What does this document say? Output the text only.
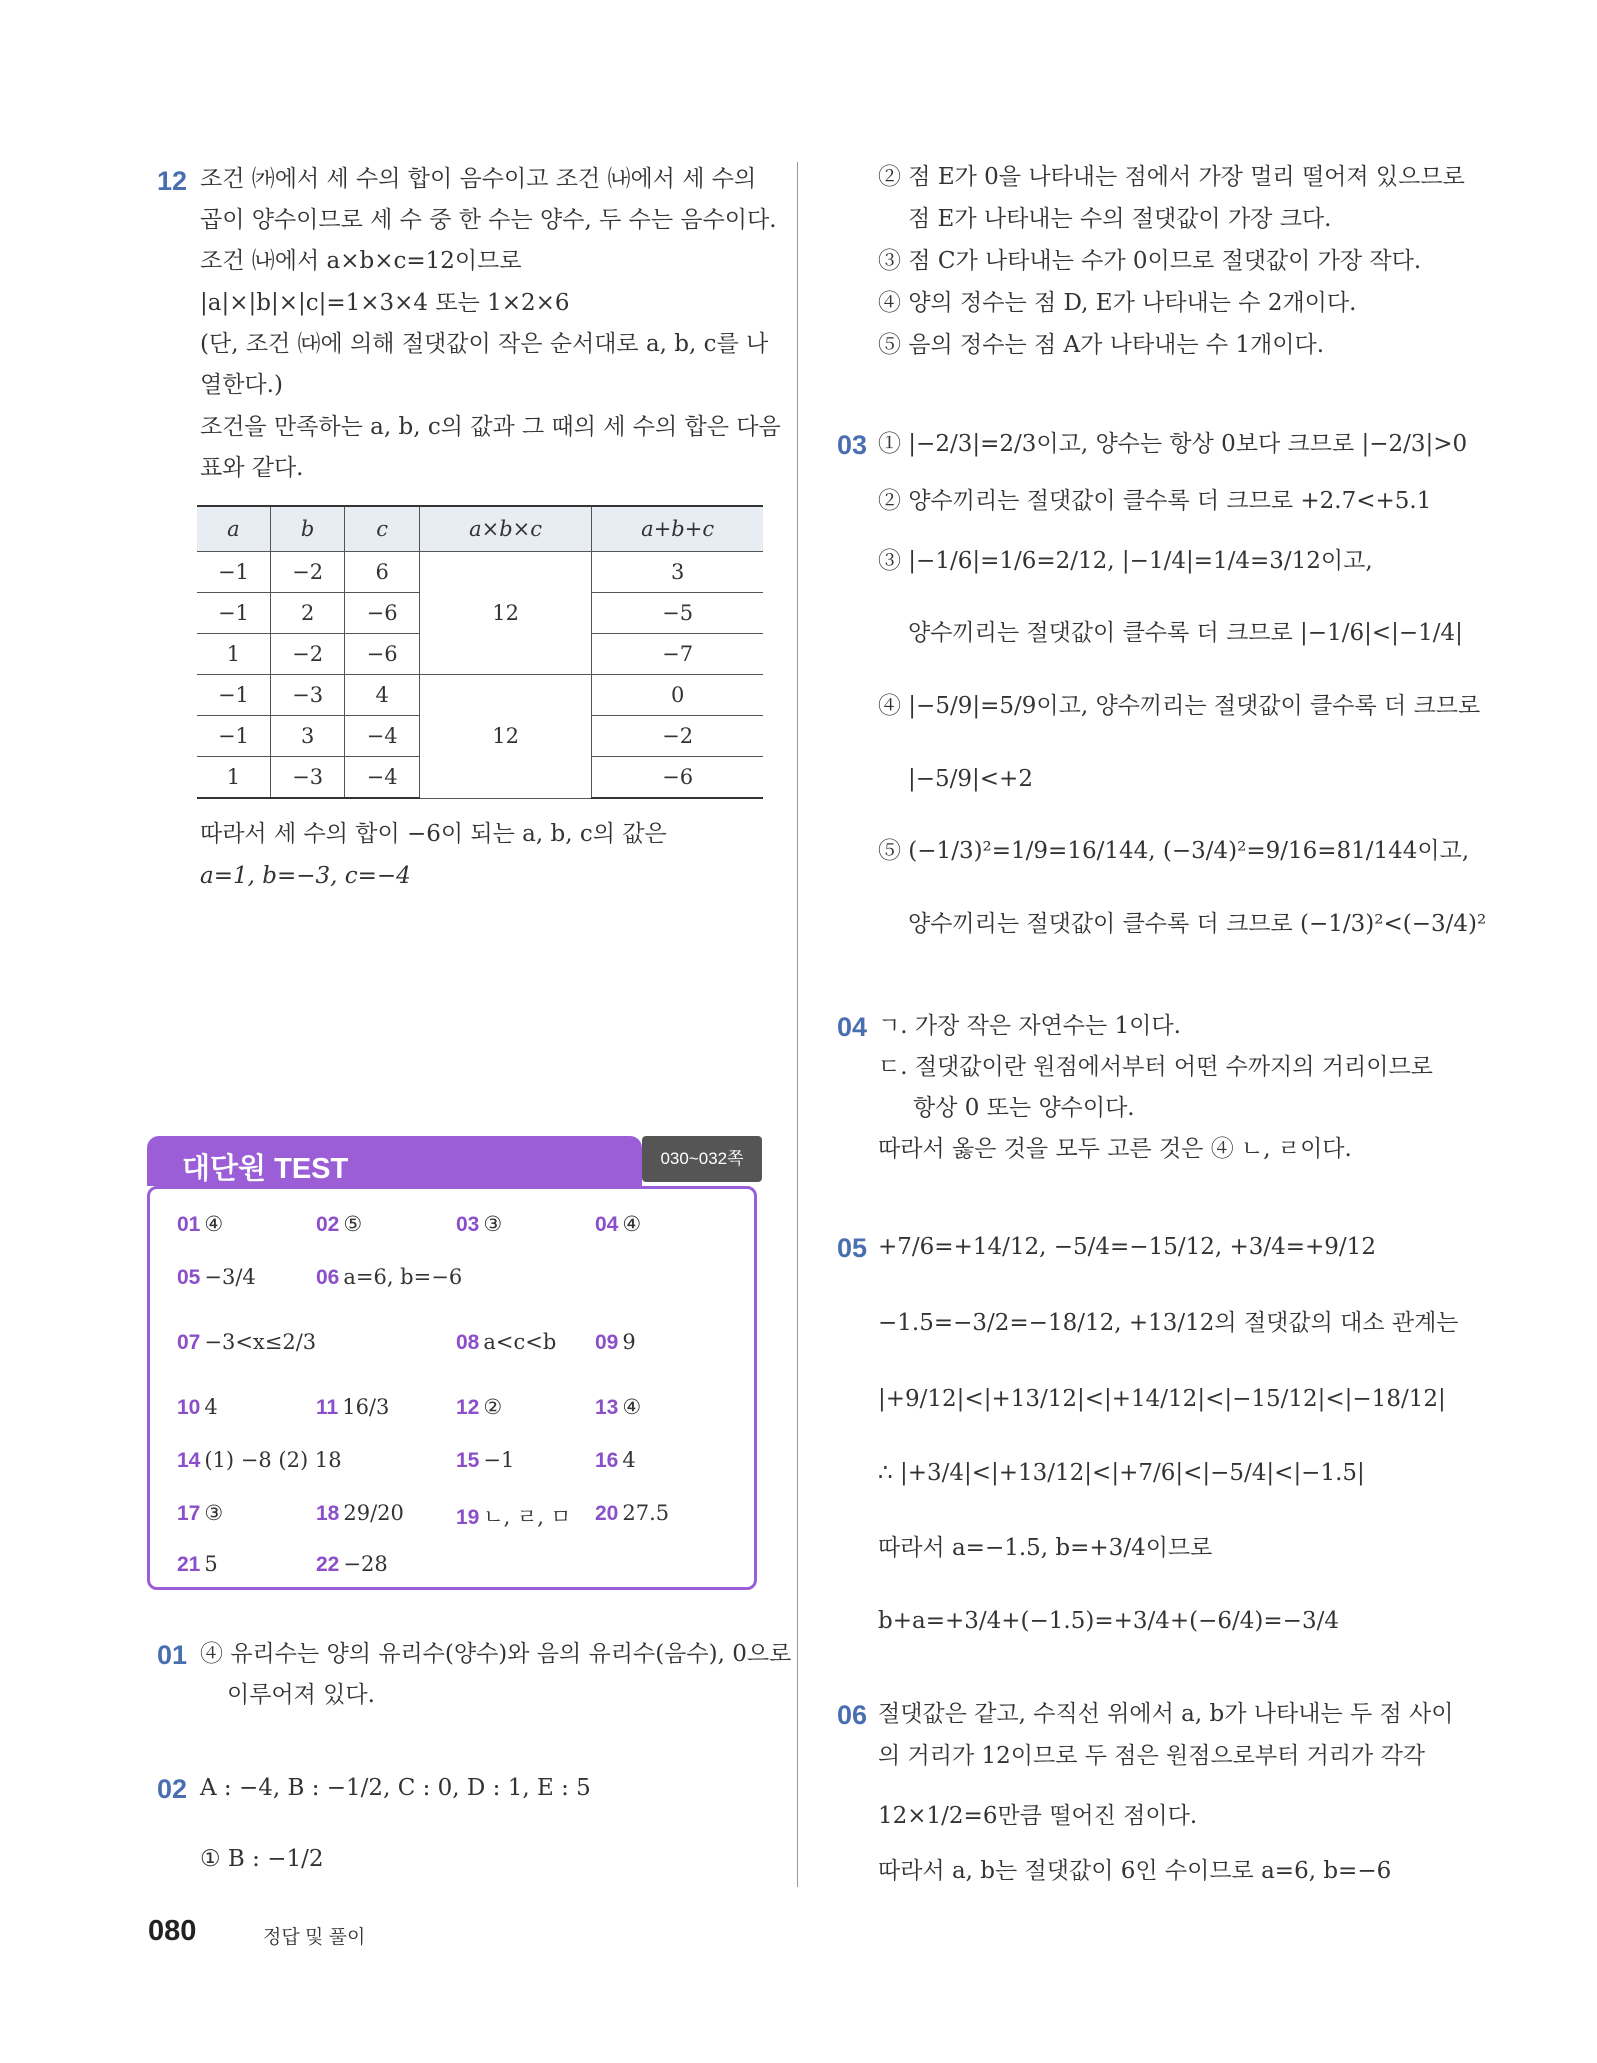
12 조건 ㈎에서 세 수의 합이 음수이고 조건 ㈏에서 세 수의
곱이 양수이므로 세 수 중 한 수는 양수, 두 수는 음수이다.
조건 ㈏에서 a×b×c=12이므로
|a|×|b|×|c|=1×3×4 또는 1×2×6
(단, 조건 ㈐에 의해 절댓값이 작은 순서대로 a, b, c를 나
열한다.)
조건을 만족하는 a, b, c의 값과 그 때의 세 수의 합은 다음
표와 같다.
a	b	c	a×b×c	a+b+c
−1	−2	6	12	3
−1	2	−6		−5
1	−2	−6		−7
−1	−3	4	12	0
−1	3	−4		−2
1	−3	−4		−6
따라서 세 수의 합이 −6이 되는 a, b, c의 값은
a=1, b=−3, c=−4
대단원 TEST	030~032쪽
01 ④	02 ⑤	03 ③	04 ④
05 −3/4	06 a=6, b=−6
07 −3<x≤2/3	08 a<c<b 09 9
10 4	11 16/3	12 ②	13 ④
14 (1) −8 (2) 18	15 −1	16 4
17 ③	18 29/20 19 ㄴ, ㄹ, ㅁ 20 27.5
21 5	22 −28
01 ④ 유리수는 양의 유리수(양수)와 음의 유리수(음수), 0으로
이루어져 있다.
02 A : −4, B : −1/2, C : 0, D : 1, E : 5
① B : −1/2
② 점 E가 0을 나타내는 점에서 가장 멀리 떨어져 있으므로
점 E가 나타내는 수의 절댓값이 가장 크다.
③ 점 C가 나타내는 수가 0이므로 절댓값이 가장 작다.
④ 양의 정수는 점 D, E가 나타내는 수 2개이다.
⑤ 음의 정수는 점 A가 나타내는 수 1개이다.
03 ① |−2/3|=2/3이고, 양수는 항상 0보다 크므로 |−2/3|>0
② 양수끼리는 절댓값이 클수록 더 크므로 +2.7<+5.1
③ |−1/6|=1/6=2/12, |−1/4|=1/4=3/12이고,
양수끼리는 절댓값이 클수록 더 크므로 |−1/6|<|−1/4|
④ |−5/9|=5/9이고, 양수끼리는 절댓값이 클수록 더 크므로
|−5/9|<+2
⑤ (−1/3)²=1/9=16/144, (−3/4)²=9/16=81/144이고,
양수끼리는 절댓값이 클수록 더 크므로 (−1/3)²<(−3/4)²
04 ㄱ. 가장 작은 자연수는 1이다.
ㄷ. 절댓값이란 원점에서부터 어떤 수까지의 거리이므로
항상 0 또는 양수이다.
따라서 옳은 것을 모두 고른 것은 ④ ㄴ, ㄹ이다.
05 +7/6=+14/12, −5/4=−15/12, +3/4=+9/12
−1.5=−3/2=−18/12, +13/12의 절댓값의 대소 관계는
|+9/12|<|+13/12|<|+14/12|<|−15/12|<|−18/12|
∴ |+3/4|<|+13/12|<|+7/6|<|−5/4|<|−1.5|
따라서 a=−1.5, b=+3/4이므로
b+a=+3/4+(−1.5)=+3/4+(−6/4)=−3/4
06 절댓값은 같고, 수직선 위에서 a, b가 나타내는 두 점 사이
의 거리가 12이므로 두 점은 원점으로부터 거리가 각각
12×1/2=6만큼 떨어진 점이다.
따라서 a, b는 절댓값이 6인 수이므로 a=6, b=−6
080	정답 및 풀이
